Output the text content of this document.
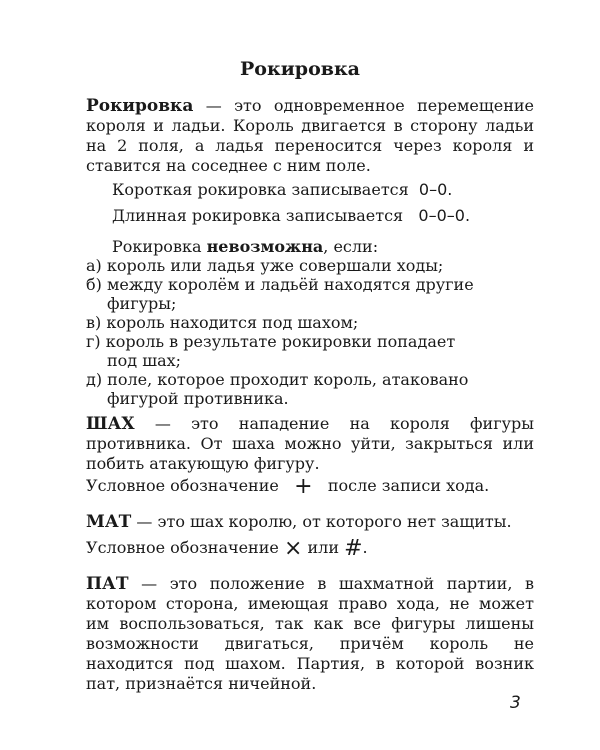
Рокировка

Рокировка — это одновременное перемещение короля и ладьи. Король двигается в сторону ладьи на 2 поля, а ладья переносится через короля и ставится на соседнее с ним поле.

Короткая рокировка записывается 0–0.

Длинная рокировка записывается 0–0–0.

Рокировка невозможна, если:

а) король или ладья уже совершали ходы;

б) между королём и ладьёй находятся другие

фигуры;

в) король находится под шахом;

г) король в результате рокировки попадает

под шах;

д) поле, которое проходит король, атаковано

фигурой противника.

ШАХ — это нападение на короля фигуры противника. От шаха можно уйти, закрыться или побить атакующую фигуру.

Условное обозначение + после записи хода.

МАТ — это шах королю, от которого нет защиты.

Условное обозначение × или #.

ПАТ — это положение в шахматной партии, в котором сторона, имеющая право хода, не может им воспользоваться, так как все фигуры лишены возможности двигаться, причём король не находится под шахом. Партия, в которой возник пат, признаётся ничейной.

3
